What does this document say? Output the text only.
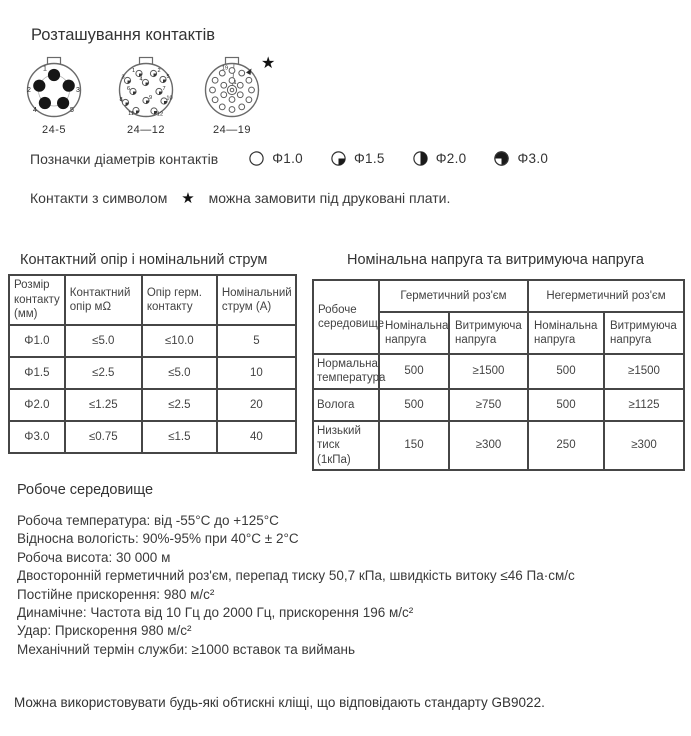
Розташування контактів
1
2	3
4	5
24-5
1	2
3	4	5
6	7
8	9	10
11	12
24—12
19
1
24—19
★
Позначки діаметрів контактів	Φ1.0	Φ1.5	Φ2.0	Φ3.0
Контакти з символом ★ можна замовити під друковані плати.
Контактний опір і номінальний струм
Розмір контакту (мм)	Контактний опір мΩ	Опір герм. контакту	Номінальний струм (А)
Φ1.0	≤5.0	≤10.0	5
Φ1.5	≤2.5	≤5.0	10
Φ2.0	≤1.25	≤2.5	20
Φ3.0	≤0.75	≤1.5	40
Номінальна напруга та витримуюча напруга
Робоче середовище	Герметичний роз'єм		Негерметичний роз'єм	
	Номінальна напруга	Витримуюча напруга	Номінальна напруга	Витримуюча напруга
Нормальна температура	500	≥1500	500	≥1500
Волога	500	≥750	500	≥1125
Низький тиск (1кПа)	150	≥300	250	≥300
Робоче середовище
Робоча температура: від -55°C до +125°C
Відносна вологість: 90%-95% при 40°C ± 2°C
Робоча висота: 30 000 м
Двосторонній герметичний роз'єм, перепад тиску 50,7 кПа, швидкість витоку ≤46 Па·см/с
Постійне прискорення: 980 м/с²
Динамічне: Частота від 10 Гц до 2000 Гц, прискорення 196 м/с²
Удар: Прискорення 980 м/с²
Механічний термін служби: ≥1000 вставок та виймань
Можна використовувати будь-які обтискні кліщі, що відповідають стандарту GB9022.
